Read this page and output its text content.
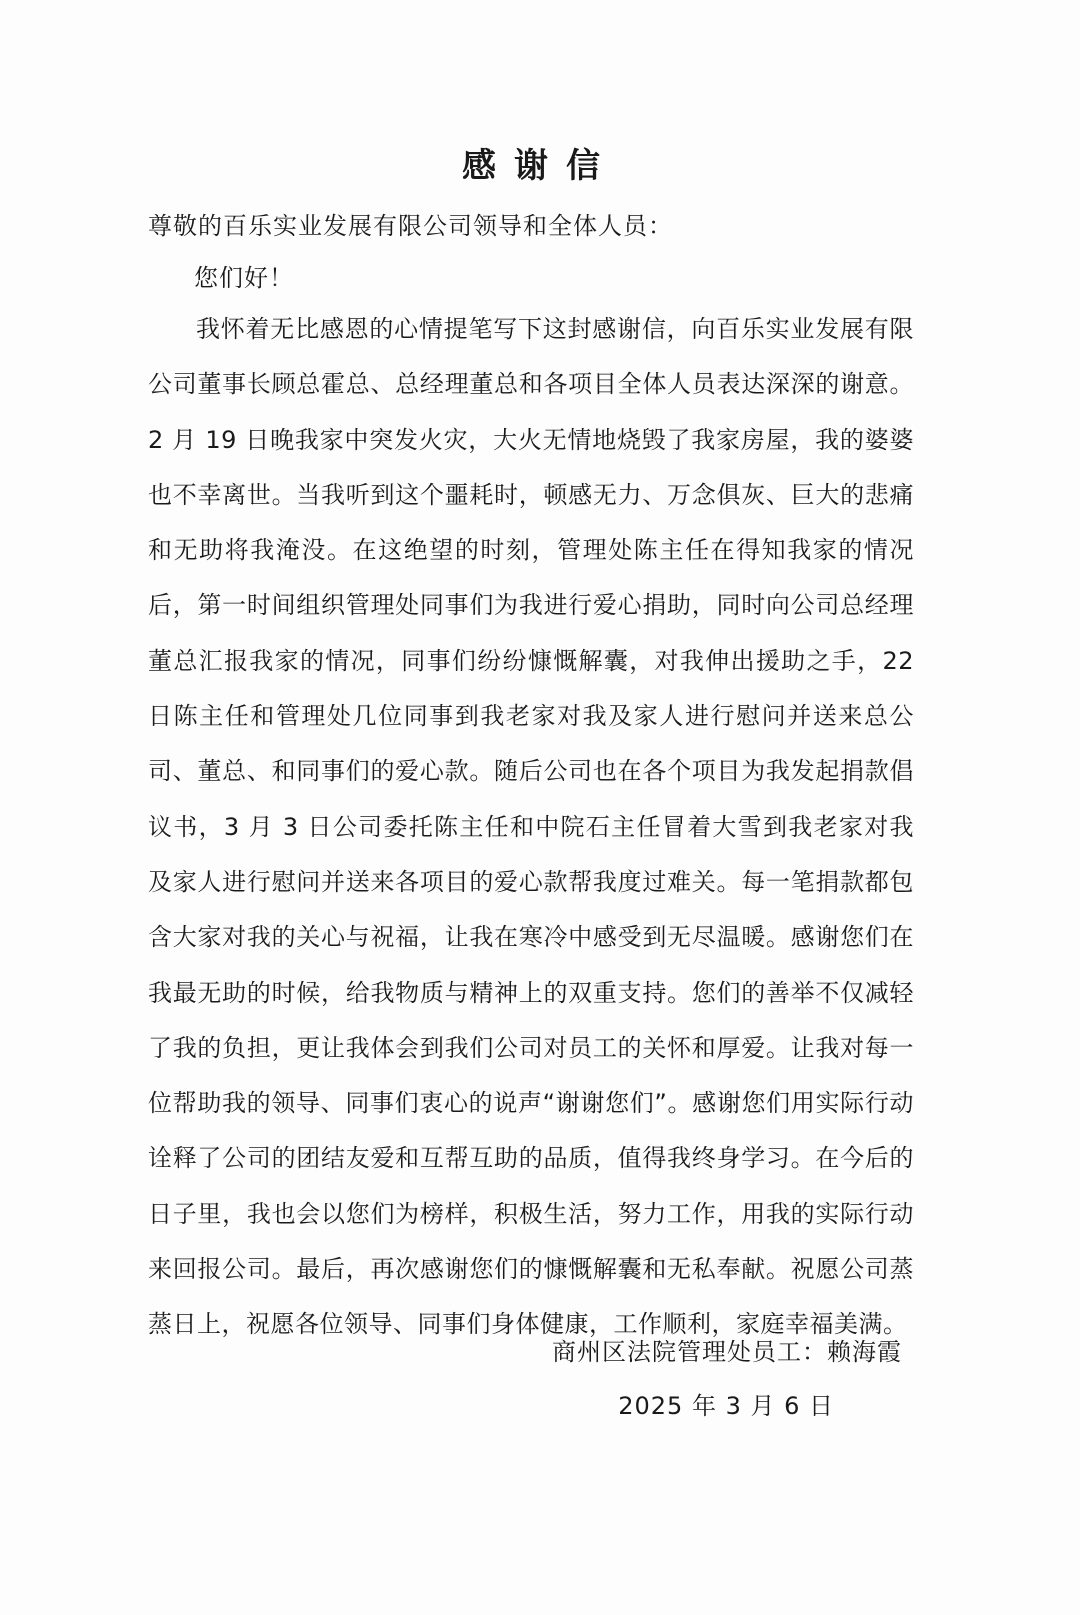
感谢信
尊敬的百乐实业发展有限公司领导和全体人员：
您们好！
我怀着无比感恩的心情提笔写下这封感谢信，向百乐实业发展有限公司董事长顾总霍总、总经理董总和各项目全体人员表达深深的谢意。2 月 19 日晚我家中突发火灾，大火无情地烧毁了我家房屋，我的婆婆也不幸离世。当我听到这个噩耗时，顿感无力、万念俱灰、巨大的悲痛和无助将我淹没。在这绝望的时刻，管理处陈主任在得知我家的情况后，第一时间组织管理处同事们为我进行爱心捐助，同时向公司总经理董总汇报我家的情况，同事们纷纷慷慨解囊，对我伸出援助之手，22 日陈主任和管理处几位同事到我老家对我及家人进行慰问并送来总公司、董总、和同事们的爱心款。随后公司也在各个项目为我发起捐款倡议书，3 月 3 日公司委托陈主任和中院石主任冒着大雪到我老家对我及家人进行慰问并送来各项目的爱心款帮我度过难关。每一笔捐款都包含大家对我的关心与祝福，让我在寒冷中感受到无尽温暖。感谢您们在我最无助的时候，给我物质与精神上的双重支持。您们的善举不仅减轻了我的负担，更让我体会到我们公司对员工的关怀和厚爱。让我对每一位帮助我的领导、同事们衷心的说声“谢谢您们”。感谢您们用实际行动诠释了公司的团结友爱和互帮互助的品质，值得我终身学习。在今后的日子里，我也会以您们为榜样，积极生活，努力工作，用我的实际行动来回报公司。最后，再次感谢您们的慷慨解囊和无私奉献。祝愿公司蒸蒸日上，祝愿各位领导、同事们身体健康，工作顺利，家庭幸福美满。
商州区法院管理处员工：赖海霞
2025 年 3 月 6 日
